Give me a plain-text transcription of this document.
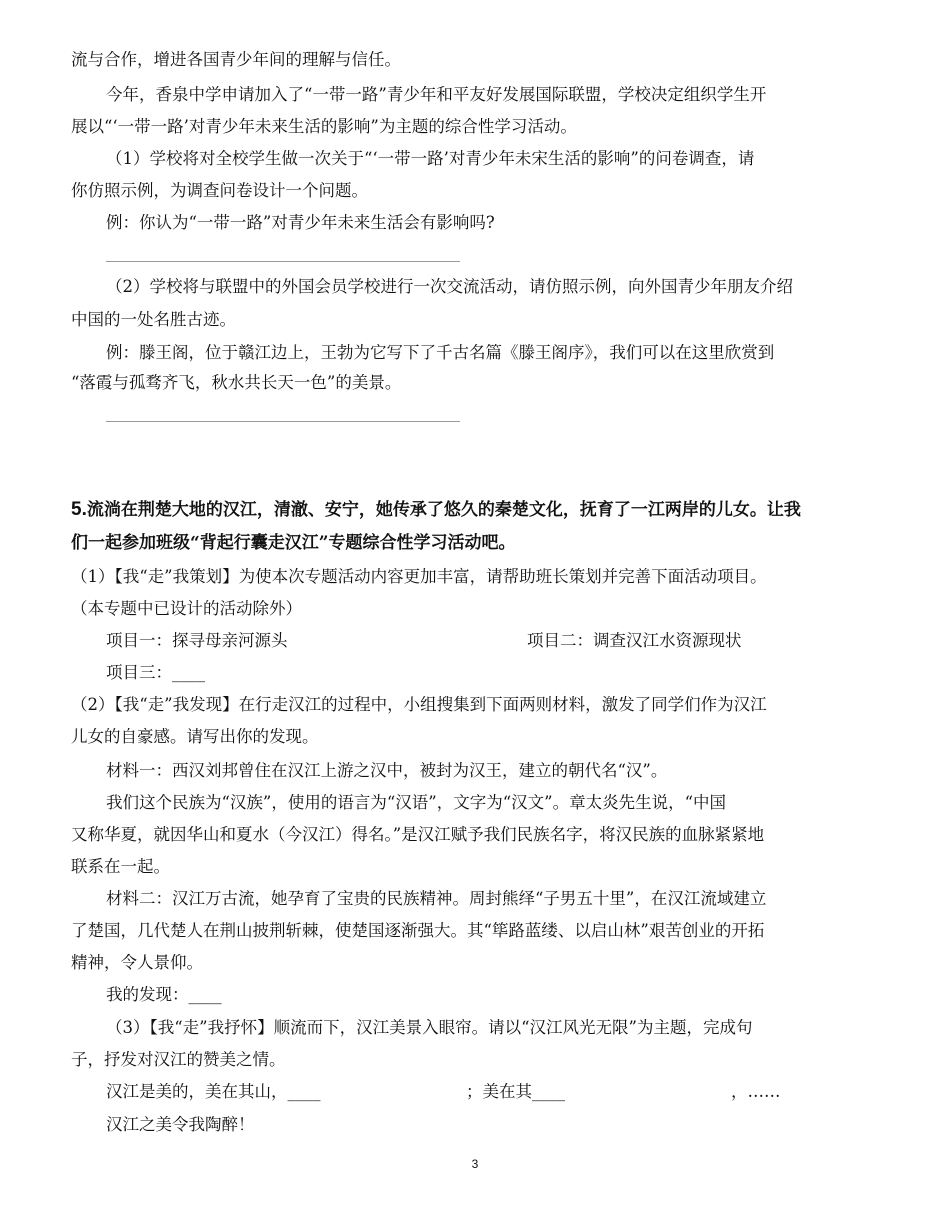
流与合作，增进各国青少年间的理解与信任。
今年，香泉中学申请加入了“一带一路”青少年和平友好发展国际联盟，学校决定组织学生开
展以“‘一带一路’对青少年未来生活的影响”为主题的综合性学习活动。
（1）学校将对全校学生做一次关于“‘一带一路’对青少年未宋生活的影响”的问卷调查，请
你仿照示例，为调查问卷设计一个问题。
例：你认为“一带一路”对青少年未来生活会有影响吗?
（2）学校将与联盟中的外国会员学校进行一次交流活动，请仿照示例，向外国青少年朋友介绍
中国的一处名胜古迹。
例：滕王阁，位于赣江边上，王勃为它写下了千古名篇《滕王阁序》，我们可以在这里欣赏到
“落霞与孤骛齐飞，秋水共长天一色”的美景。
5.流淌在荆楚大地的汉江，清澈、安宁，她传承了悠久的秦楚文化，抚育了一江两岸的儿女。让我
们一起参加班级“背起行囊走汉江”专题综合性学习活动吧。
（1）【我“走”我策划】为使本次专题活动内容更加丰富，请帮助班长策划并完善下面活动项目。
（本专题中已设计的活动除外）
项目一：探寻母亲河源头	项目二：调查汉江水资源现状
项目三：____
（2）【我“走”我发现】在行走汉江的过程中，小组搜集到下面两则材料，激发了同学们作为汉江
儿女的自豪感。请写出你的发现。
材料一：西汉刘邦曾住在汉江上游之汉中，被封为汉王，建立的朝代名“汉”。
我们这个民族为“汉族”，使用的语言为“汉语”，文字为“汉文”。章太炎先生说，“中国
又称华夏，就因华山和夏水（今汉江）得名。”是汉江赋予我们民族名字，将汉民族的血脉紧紧地
联系在一起。
材料二：汉江万古流，她孕育了宝贵的民族精神。周封熊绎“子男五十里”，在汉江流域建立
了楚国，几代楚人在荆山披荆斩棘，使楚国逐渐强大。其“筚路蓝缕、以启山林”艰苦创业的开拓
精神，令人景仰。
我的发现：____
（3）【我“走”我抒怀】顺流而下，汉江美景入眼帘。请以“汉江风光无限”为主题，完成句
子，抒发对汉江的赞美之情。
汉江是美的，美在其山，____	；美在其____	，……
汉江之美令我陶醉！
3
